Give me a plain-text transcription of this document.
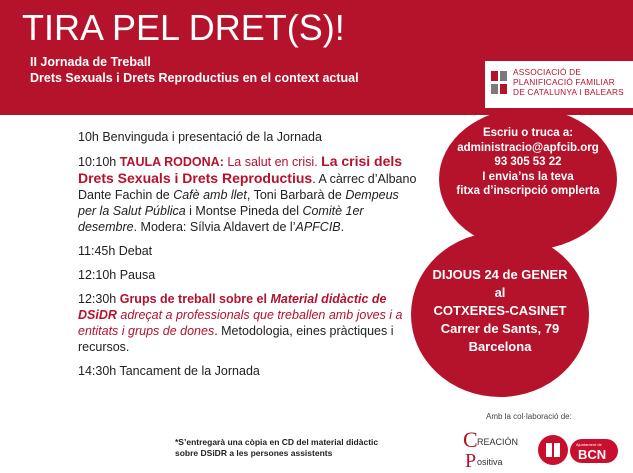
TIRA PEL DRET(S)!
II Jornada de Treball
Drets Sexuals i Drets Reproductius en el context actual	ASSOCIACIÓ DE
PLANIFICACIÓ FAMILIAR
DE CATALUNYA I BALEARS

10h Benvinguda i presentació de la Jornada

10:10h TAULA RODONA: La salut en crisi. La crisi dels Drets Sexuals i Drets Reproductius. A càrrec d’Albano Dante Fachin de Cafè amb llet, Toni Barbarà de Dempeus per la Salut Pública i Montse Pineda del Comitè 1er desembre. Modera: Sílvia Aldavert de l’APFCIB.

11:45h Debat

12:10h Pausa

12:30h Grups de treball sobre el Material didàctic de DSiDR adreçat a professionals que treballen amb joves i a entitats i grups de dones. Metodologia, eines pràctiques i recursos.

14:30h Tancament de la Jornada

Escriu o truca a:
administracio@apfcib.org
93 305 53 22
I envia’ns la teva
fitxa d’inscripció omplerta
DIJOUS 24 de GENER
al
COTXERES-CASINET
Carrer de Sants, 79
Barcelona
Amb la col·laboració de:
*S’entregarà una còpia en CD del material didàctic
sobre DSiDR a les persones assistents
C REACIÓN
P ositiva
Ajuntament de
BCN
